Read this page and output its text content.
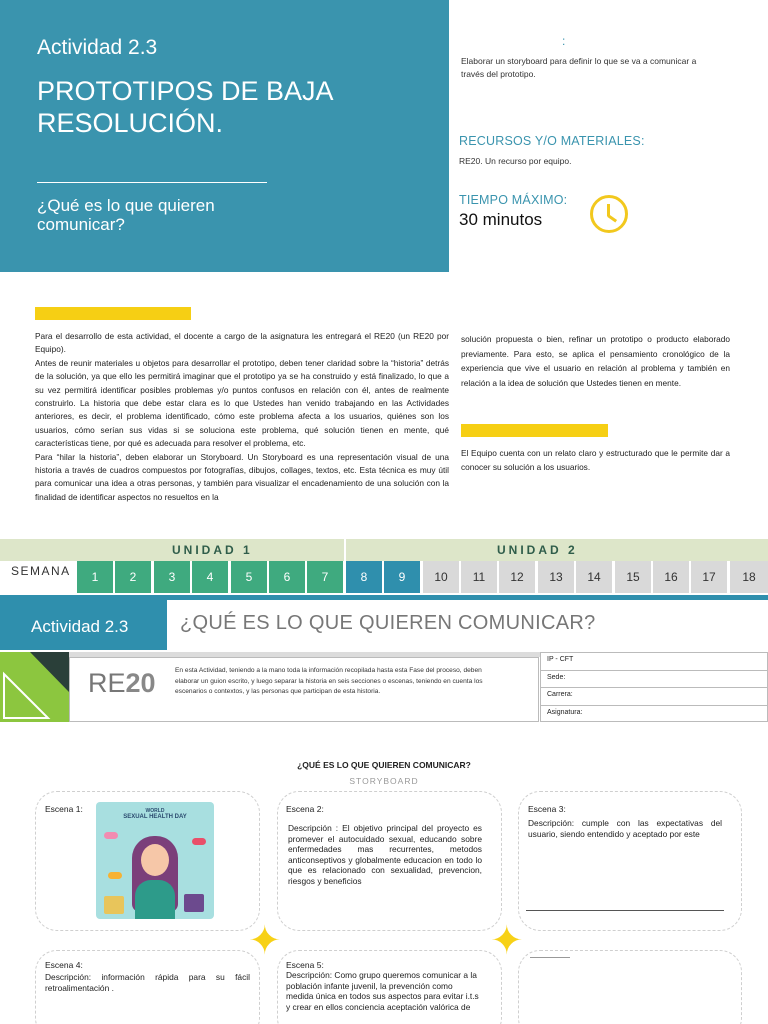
Actividad 2.3
PROTOTIPOS DE BAJA RESOLUCIÓN.
¿Qué es lo que quieren comunicar?
:
Elaborar un storyboard para definir lo que se va a comunicar a través del prototipo.
RECURSOS Y/O MATERIALES:
RE20. Un recurso por equipo.
TIEMPO MÁXIMO:
30 minutos

Para el desarrollo de esta actividad, el docente a cargo de la asignatura les entregará el RE20 (un RE20 por Equipo).

Antes de reunir materiales u objetos para desarrollar el prototipo, deben tener claridad sobre la “historia” detrás de la solución, ya que ello les permitirá imaginar que el prototipo ya se ha construido y está finalizado, lo que a su vez permitirá identificar posibles problemas y/o puntos confusos en relación con él, antes de realmente construirlo. La historia que debe estar clara es lo que Ustedes han venido trabajando en las Actividades anteriores, es decir, el problema identificado, cómo este problema afecta a los usuarios, quiénes son los usuarios, cómo serían sus vidas si se soluciona este problema, qué solución tienen en mente, qué características tiene, por qué es adecuada para resolver el problema, etc.

Para “hilar la historia”, deben elaborar un Storyboard. Un Storyboard es una representación visual de una historia a través de cuadros compuestos por fotografías, dibujos, collages, textos, etc. Esta técnica es muy útil para comunicar una idea a otras personas, y también para visualizar el encadenamiento de una solución con la finalidad de identificar aspectos no resueltos en la

solución propuesta o bien, refinar un prototipo o producto elaborado previamente. Para esto, se aplica el pensamiento cronológico de la experiencia que vive el usuario en relación al problema y también en relación a la idea de solución que Ustedes tienen en mente.
El Equipo cuenta con un relato claro y estructurado que le permite dar a conocer su solución a los usuarios.
UNIDAD 1	UNIDAD 2
SEMANA	1	2	3	4	5	6	7	8	9	10	11	12	13	14	15	16	17	18
Actividad 2.3	¿QUÉ ES LO QUE QUIEREN COMUNICAR?
RE20	En esta Actividad, teniendo a la mano toda la información recopilada hasta esta Fase del proceso, deben elaborar un guion escrito, y luego separar la historia en seis secciones o escenas, teniendo en cuenta los escenarios o contextos, y las personas que participan de esta historia.
IP - CFT
Sede:
Carrera:
Asignatura:
¿QUÉ ES LO QUE QUIEREN COMUNICAR?
STORYBOARD
Escena 1:	WORLD
SEXUAL HEALTH DAY
Escena 2:
Descripción : El objetivo principal del proyecto es promever el autocuidado sexual, educando sobre enfermedades mas recurrentes, metodos anticonseptivos y globalmente educacion en todo lo que es relacionado con sexualidad, prevencion, riesgos y beneficios
Escena 3:
Descripción: cumple con las expectativas del usuario, siendo entendido y aceptado por este
Escena 4:
Descripción: información rápida para su fácil retroalimentación .
Escena 5:
Descripción: Como grupo queremos comunicar a la población infante juvenil, la prevención como medida única en todos sus aspectos para evitar i.t.s y crear en ellos conciencia aceptación valórica de
✦	✦
